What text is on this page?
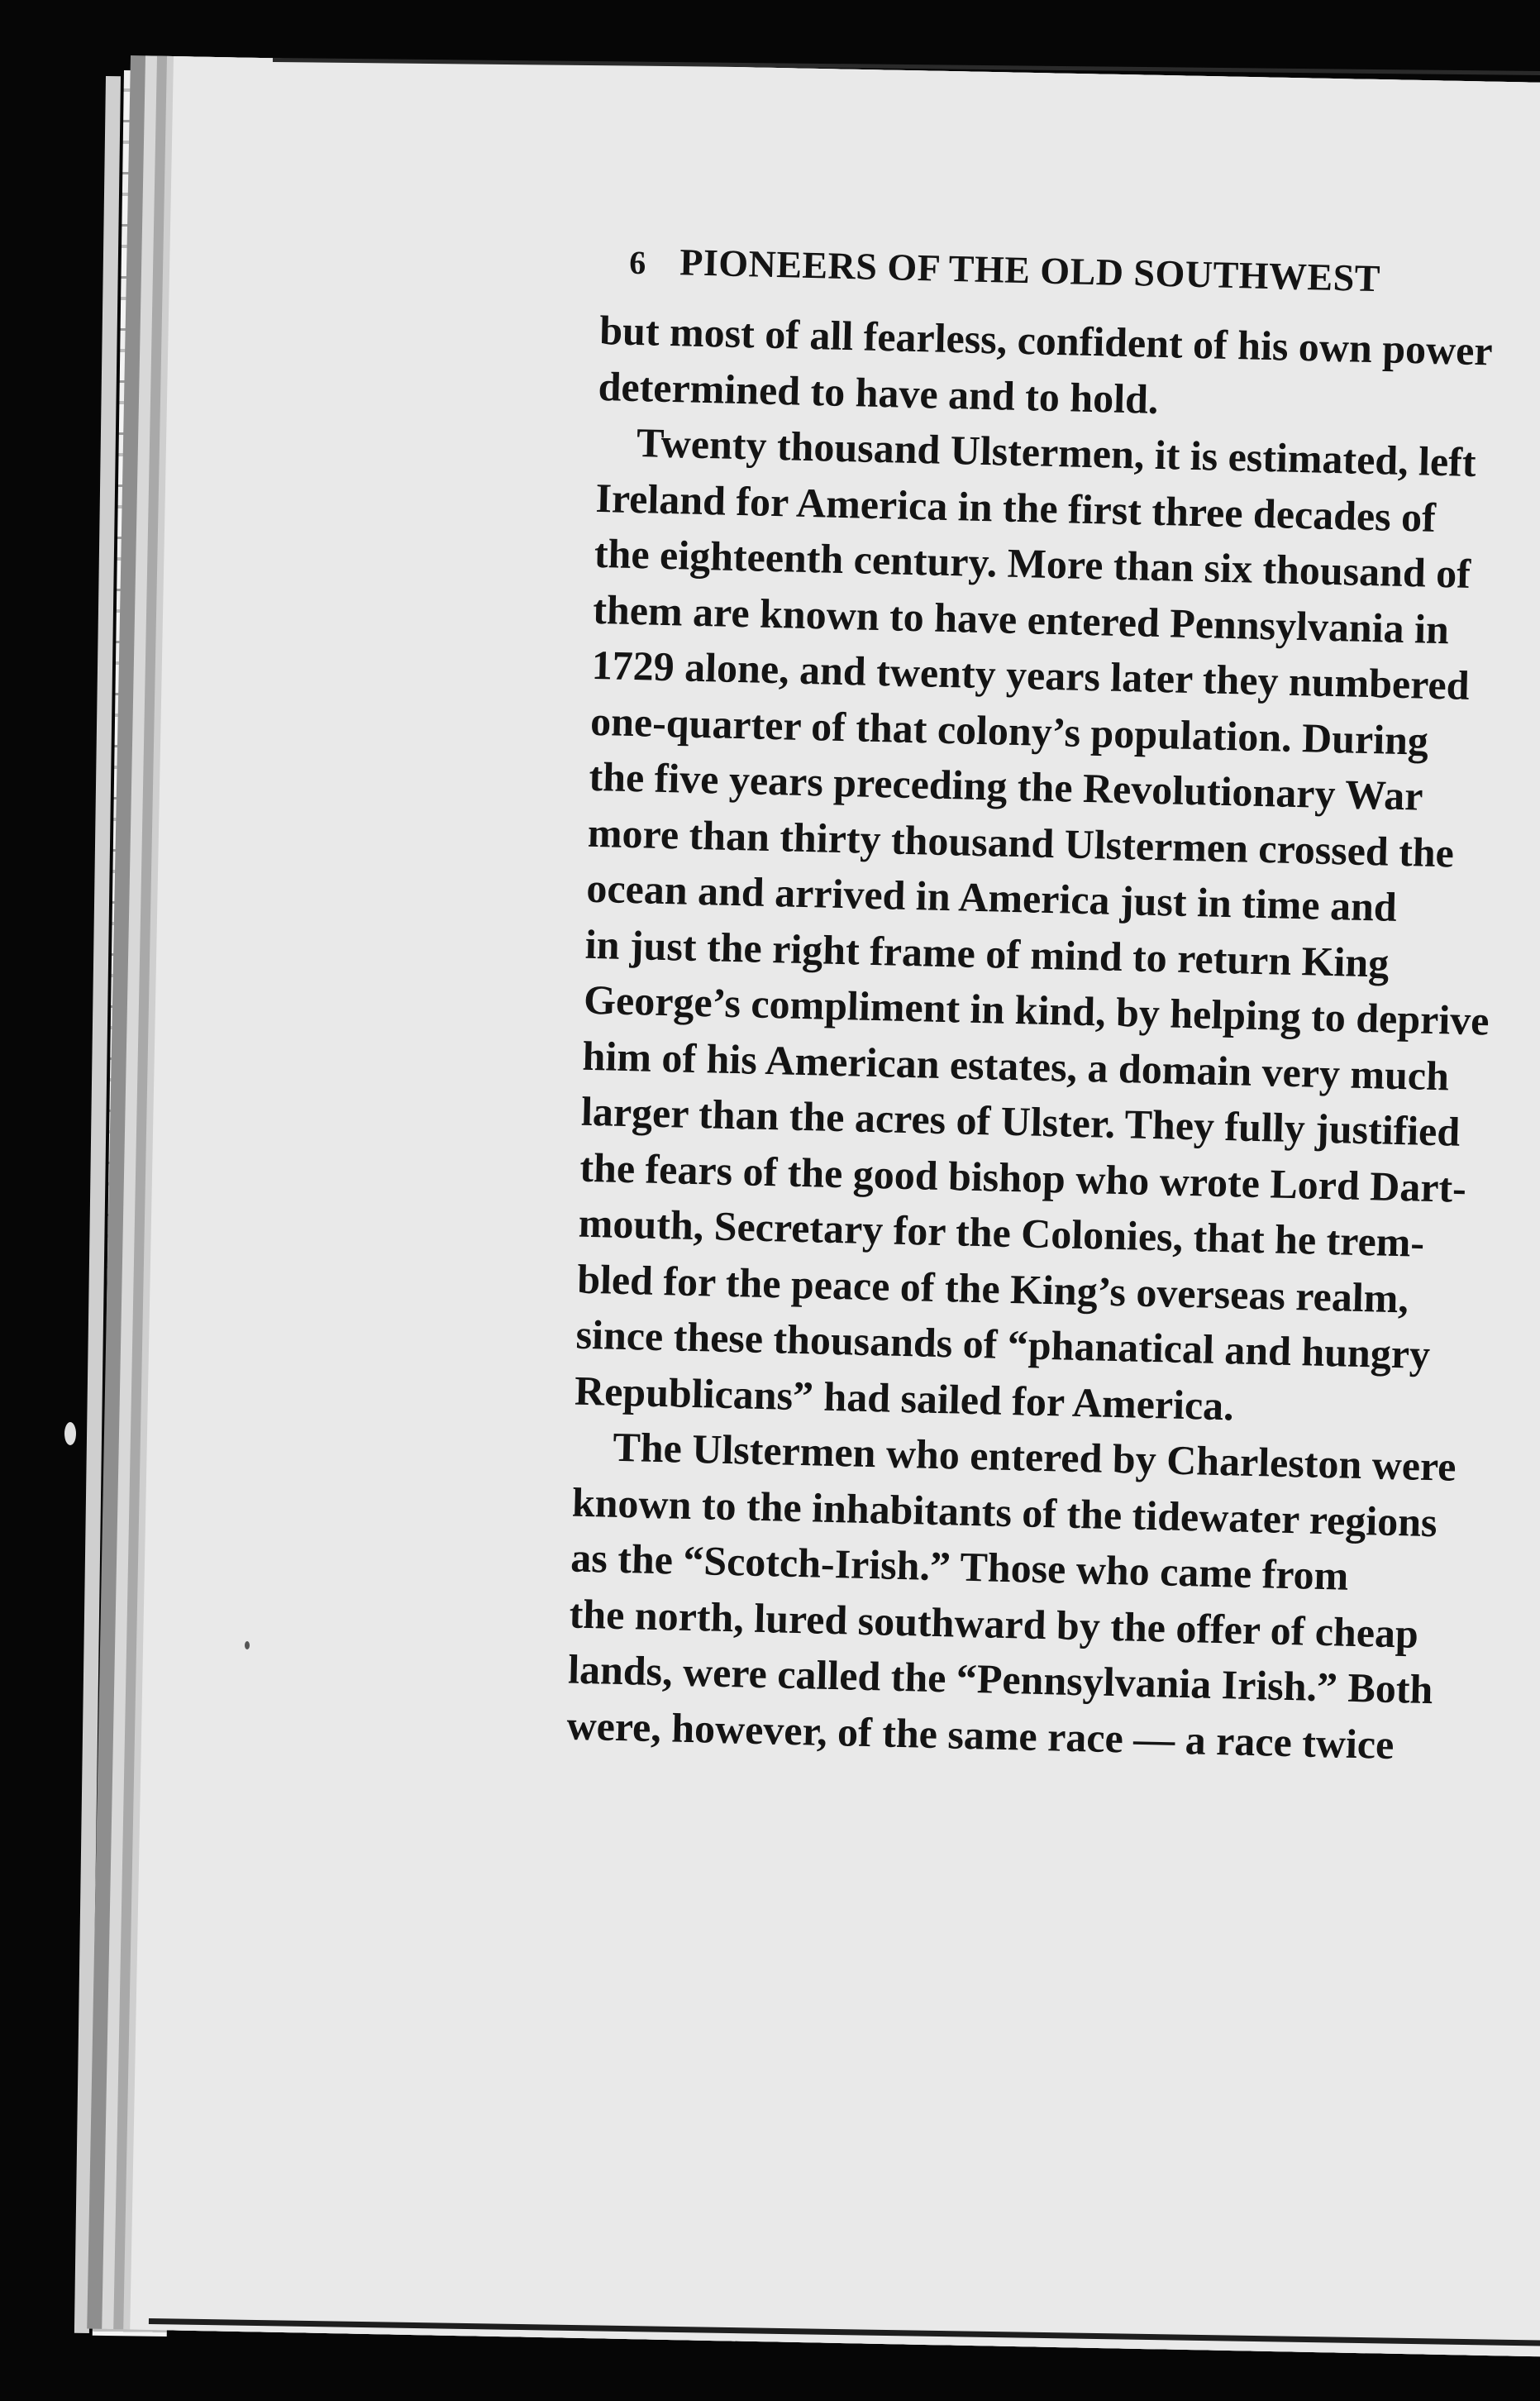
6 PIONEERS OF THE OLD SOUTHWEST
but most of all fearless, confident of his own power
determined to have and to hold.
Twenty thousand Ulstermen, it is estimated, left
Ireland for America in the first three decades of
the eighteenth century. More than six thousand of
them are known to have entered Pennsylvania in
1729 alone, and twenty years later they numbered
one-quarter of that colony’s population. During
the five years preceding the Revolutionary War
more than thirty thousand Ulstermen crossed the
ocean and arrived in America just in time and
in just the right frame of mind to return King
George’s compliment in kind, by helping to deprive
him of his American estates, a domain very much
larger than the acres of Ulster. They fully justified
the fears of the good bishop who wrote Lord Dart-
mouth, Secretary for the Colonies, that he trem-
bled for the peace of the King’s overseas realm,
since these thousands of “phanatical and hungry
Republicans” had sailed for America.
The Ulstermen who entered by Charleston were
known to the inhabitants of the tidewater regions
as the “Scotch-Irish.” Those who came from
the north, lured southward by the offer of cheap
lands, were called the “Pennsylvania Irish.” Both
were, however, of the same race — a race twice
